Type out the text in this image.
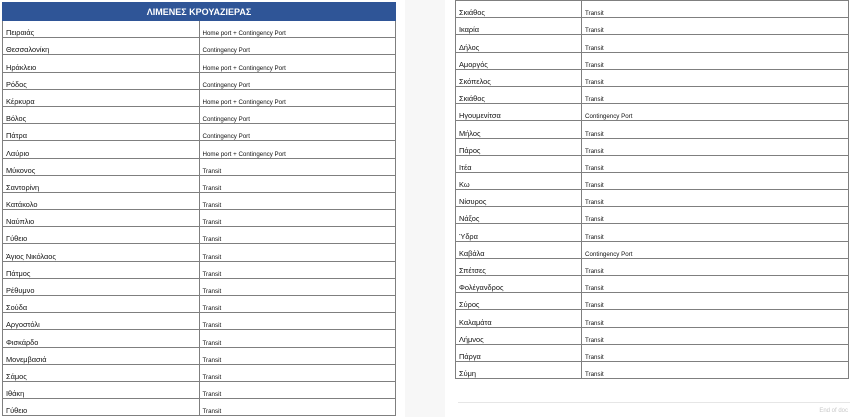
ΛΙΜΕΝΕΣ ΚΡΟΥΑΖΙΕΡΑΣ	
Πειραιάς	Home port + Contingency Port
Θεσσαλονίκη	Contingency Port
Ηράκλειο	Home port + Contingency Port
Ρόδος	Contingency Port
Κέρκυρα	Home port + Contingency Port
Βόλος	Contingency Port
Πάτρα	Contingency Port
Λαύριο	Home port + Contingency Port
Μύκονος	Transit
Σαντορίνη	Transit
Κατάκολο	Transit
Ναύπλιο	Transit
Γύθειο	Transit
Άγιος Νικόλαος	Transit
Πάτμος	Transit
Ρέθυμνο	Transit
Σούδα	Transit
Αργοστόλι	Transit
Φισκάρδο	Transit
Μονεμβασιά	Transit
Σάμος	Transit
Ιθάκη	Transit
Γύθειο	Transit
Σκιάθος	Transit
Ικαρία	Transit
Δήλος	Transit
Αμοργός	Transit
Σκόπελος	Transit
Σκιάθος	Transit
Ηγουμενίτσα	Contingency Port
Μήλος	Transit
Πάρος	Transit
Ιτέα	Transit
Κω	Transit
Νίσυρος	Transit
Νάξος	Transit
Ύδρα	Transit
Καβάλα	Contingency Port
Σπέτσες	Transit
Φολέγανδρος	Transit
Σύρος	Transit
Καλαμάτα	Transit
Λήμνος	Transit
Πάργα	Transit
Σύμη	Transit
End of doc
